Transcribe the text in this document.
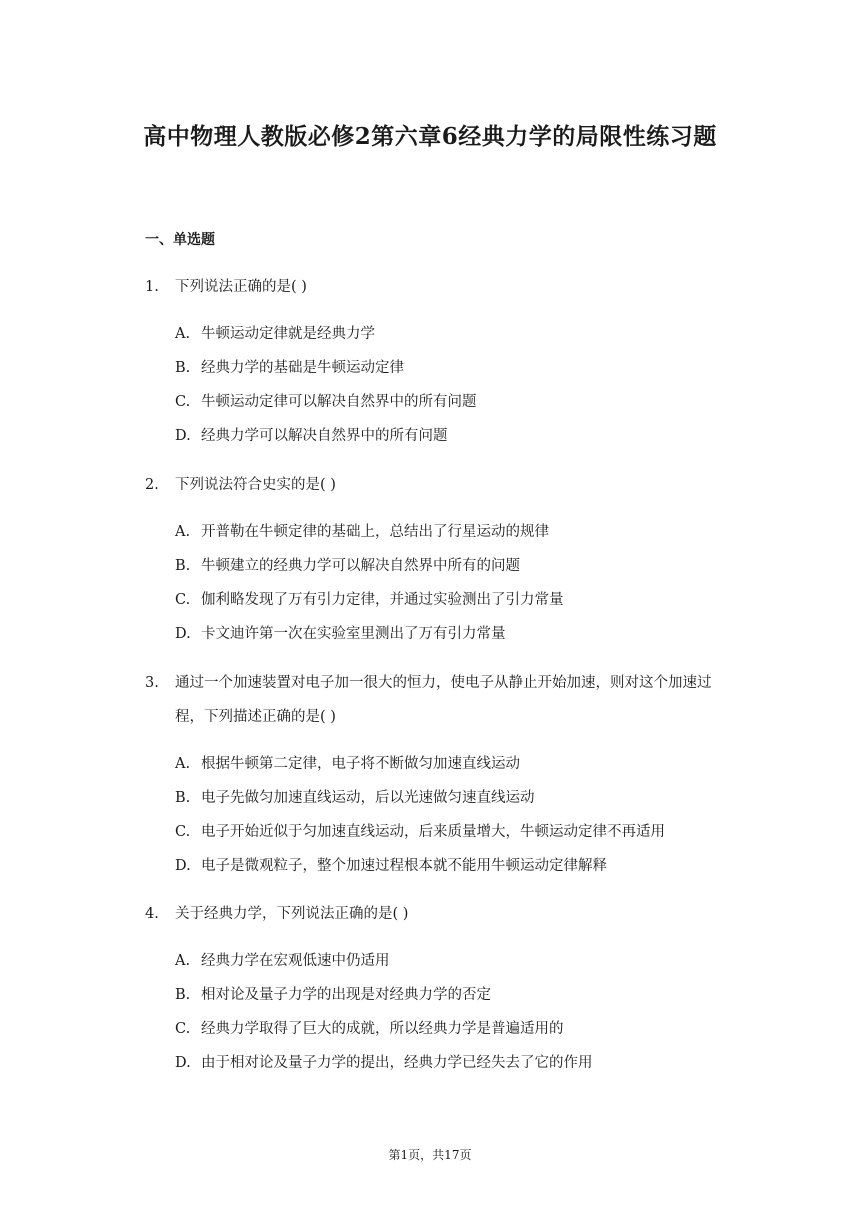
高中物理人教版必修2第六章6经典力学的局限性练习题
一、单选题
1.	下列说法正确的是( )
A. 牛顿运动定律就是经典力学
B. 经典力学的基础是牛顿运动定律
C. 牛顿运动定律可以解决自然界中的所有问题
D. 经典力学可以解决自然界中的所有问题
2.	下列说法符合史实的是( )
A. 开普勒在牛顿定律的基础上，总结出了行星运动的规律
B. 牛顿建立的经典力学可以解决自然界中所有的问题
C. 伽利略发现了万有引力定律，并通过实验测出了引力常量
D. 卡文迪许第一次在实验室里测出了万有引力常量
3.	通过一个加速装置对电子加一很大的恒力，使电子从静止开始加速，则对这个加速过程，下列描述正确的是( )
A. 根据牛顿第二定律，电子将不断做匀加速直线运动
B. 电子先做匀加速直线运动，后以光速做匀速直线运动
C. 电子开始近似于匀加速直线运动，后来质量增大，牛顿运动定律不再适用
D. 电子是微观粒子，整个加速过程根本就不能用牛顿运动定律解释
4.	关于经典力学，下列说法正确的是( )
A. 经典力学在宏观低速中仍适用
B. 相对论及量子力学的出现是对经典力学的否定
C. 经典力学取得了巨大的成就，所以经典力学是普遍适用的
D. 由于相对论及量子力学的提出，经典力学已经失去了它的作用
第1页，共17页
